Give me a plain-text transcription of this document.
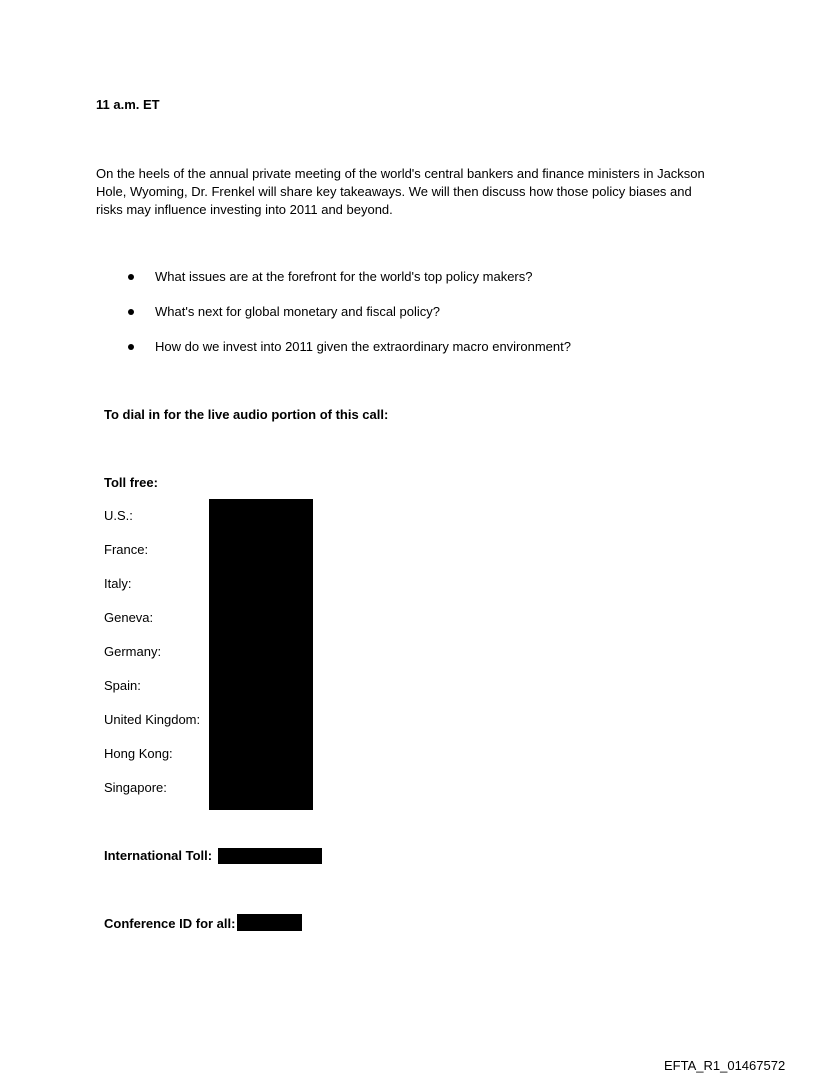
11 a.m. ET
On the heels of the annual private meeting of the world's central bankers and finance ministers in Jackson Hole, Wyoming, Dr. Frenkel will share key takeaways. We will then discuss how those policy biases and risks may influence investing into 2011 and beyond.
What issues are at the forefront for the world's top policy makers?
What's next for global monetary and fiscal policy?
How do we invest into 2011 given the extraordinary macro environment?
To dial in for the live audio portion of this call:
Toll free:
U.S.:
France:
Italy:
Geneva:
Germany:
Spain:
United Kingdom:
Hong Kong:
Singapore:
International Toll:
Conference ID for all:
EFTA_R1_01467572
